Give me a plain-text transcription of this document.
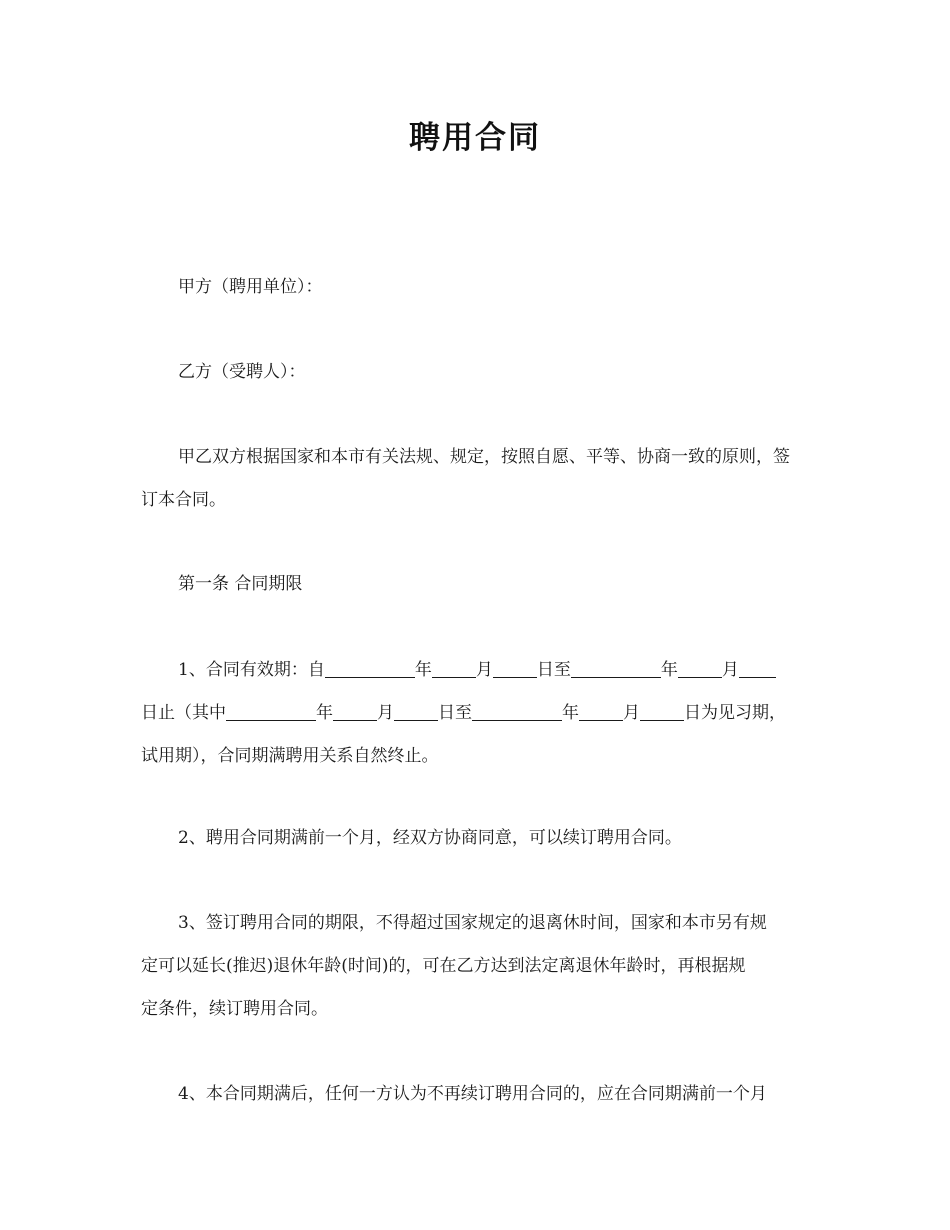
聘用合同
甲方（聘用单位）：
乙方（受聘人）：
甲乙双方根据国家和本市有关法规、规定，按照自愿、平等、协商一致的原则，签
订本合同。
第一条 合同期限
1、合同有效期：自	年	月	日至	年	月
日止（其中	年	月	日至	年	月	日为见习期，
试用期），合同期满聘用关系自然终止。
2、聘用合同期满前一个月，经双方协商同意，可以续订聘用合同。
3、签订聘用合同的期限，不得超过国家规定的退离休时间，国家和本市另有规
定可以延长(推迟)退休年龄(时间)的，可在乙方达到法定离退休年龄时，再根据规
定条件，续订聘用合同。
4、本合同期满后，任何一方认为不再续订聘用合同的，应在合同期满前一个月
